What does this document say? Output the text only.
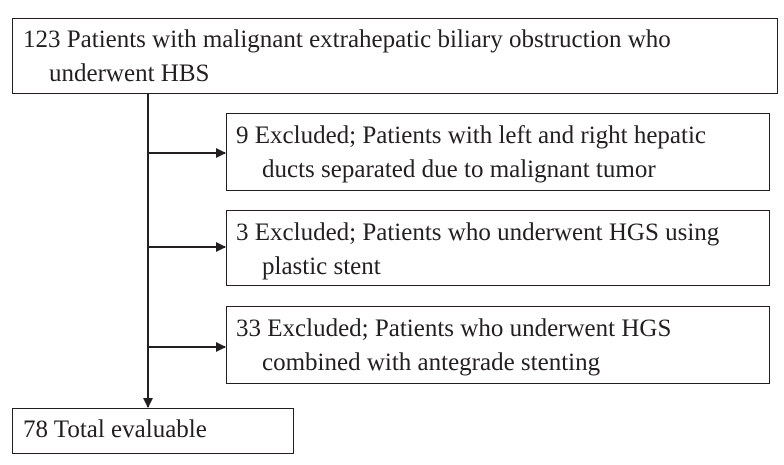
123 Patients with malignant extrahepatic biliary obstruction who
underwent HBS
9 Excluded; Patients with left and right hepatic
ducts separated due to malignant tumor
3 Excluded; Patients who underwent HGS using
plastic stent
33 Excluded; Patients who underwent HGS
combined with antegrade stenting
78 Total evaluable
